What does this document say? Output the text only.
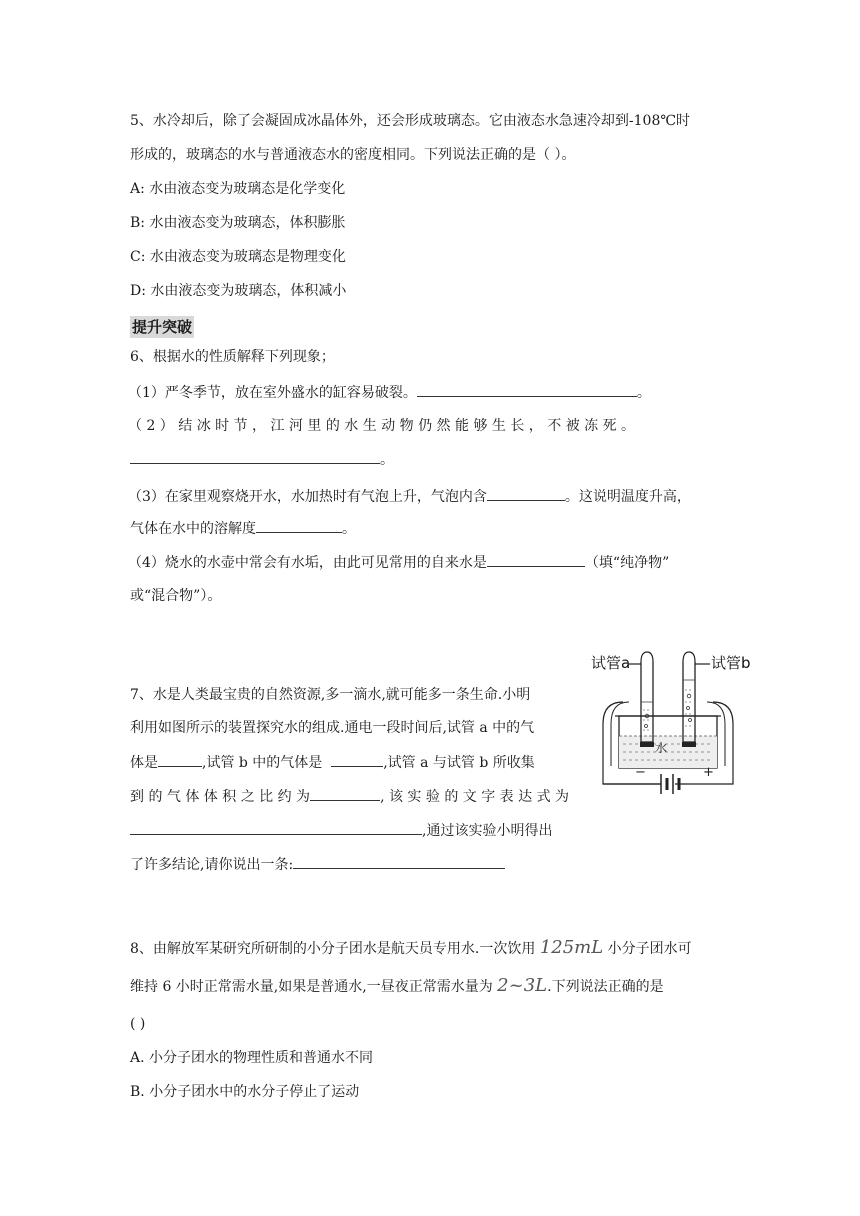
5、水冷却后，除了会凝固成冰晶体外，还会形成玻璃态。它由液态水急速冷却到-108℃时
形成的，玻璃态的水与普通液态水的密度相同。下列说法正确的是（ ）。
A: 水由液态变为玻璃态是化学变化
B: 水由液态变为玻璃态，体积膨胀
C: 水由液态变为玻璃态是物理变化
D: 水由液态变为玻璃态，体积减小
提升突破
6、根据水的性质解释下列现象；
（1）严冬季节，放在室外盛水的缸容易破裂。	。
（ 2 ） 结 冰 时 节 ， 江 河 里 的 水 生 动 物 仍 然 能 够 生 长 ， 不 被 冻 死 。
。
（3）在家里观察烧开水，水加热时有气泡上升，气泡内含	。这说明温度升高，
气体在水中的溶解度	。
（4）烧水的水壶中常会有水垢，由此可见常用的自来水是	（填“纯净物”
或“混合物”）。
7、水是人类最宝贵的自然资源,多一滴水,就可能多一条生命.小明
利用如图所示的装置探究水的组成.通电一段时间后,试管 a 中的气
体是	,试管 b 中的气体是	,试管 a 与试管 b 所收集
到 的 气 体 体 积 之 比 约 为	, 该 实 验 的 文 字 表 达 式 为
,通过该实验小明得出
了许多结论,请你说出一条:
试管a	试管b
水
−	+
8、由解放军某研究所研制的小分子团水是航天员专用水.一次饮用 125mL 小分子团水可
维持 6 小时正常需水量,如果是普通水,一昼夜正常需水量为 2~3L.下列说法正确的是
( )
A. 小分子团水的物理性质和普通水不同
B. 小分子团水中的水分子停止了运动
